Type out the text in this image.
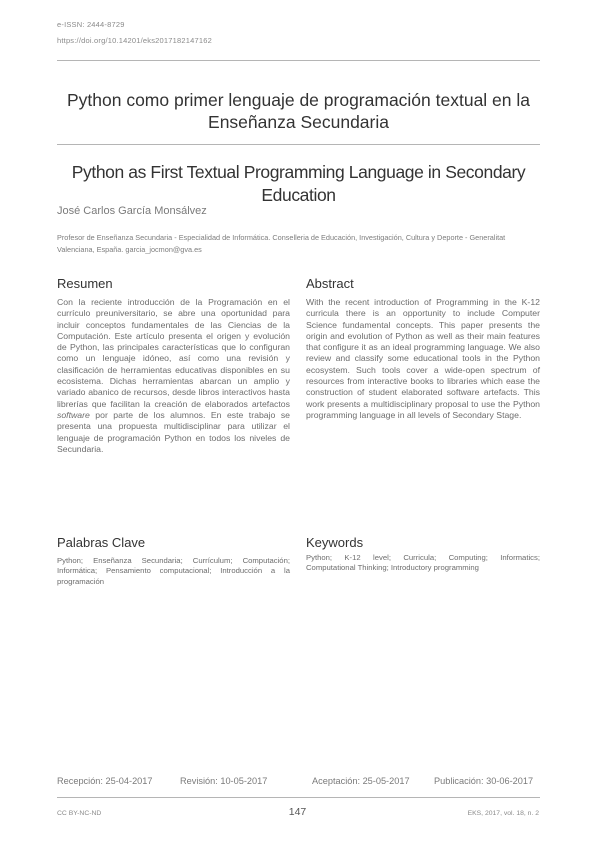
e-ISSN: 2444-8729
https://doi.org/10.14201/eks2017182147162
Python como primer lenguaje de programación textual en la Enseñanza Secundaria
Python as First Textual Programming Language in Secondary Education
José Carlos García Monsálvez
Profesor de Enseñanza Secundaria - Especialidad de Informática. Conselleria de Educación, Investigación, Cultura y Deporte - Generalitat Valenciana, España. garcia_jocmon@gva.es
Resumen
Con la reciente introducción de la Programación en el currículo preuniversitario, se abre una oportunidad para incluir conceptos fundamentales de las Ciencias de la Computación. Este artículo presenta el origen y evolución de Python, las principales características que lo configuran como un lenguaje idóneo, así como una revisión y clasificación de herramientas educativas disponibles en su ecosistema. Dichas herramientas abarcan un amplio y variado abanico de recursos, desde libros interactivos hasta librerías que facilitan la creación de elaborados artefactos software por parte de los alumnos. En este trabajo se presenta una propuesta multidisciplinar para utilizar el lenguaje de programación Python en todos los niveles de Secundaria.
Abstract
With the recent introduction of Programming in the K-12 curricula there is an opportunity to include Computer Science fundamental concepts. This paper presents the origin and evolution of Python as well as their main features that configure it as an ideal programming language. We also review and classify some educational tools in the Python ecosystem. Such tools cover a wide-open spectrum of resources from interactive books to libraries which ease the construction of student elaborated software artefacts. This work presents a multidisciplinary proposal to use the Python programming language in all levels of Secondary Stage.
Palabras Clave
Python; Enseñanza Secundaria; Currículum; Computación; Informática; Pensamiento computacional; Introducción a la programación
Keywords
Python; K-12 level; Curricula; Computing; Informatics; Computational Thinking; Introductory programming
Recepción: 25-04-2017	Revisión: 10-05-2017	Aceptación: 25-05-2017	Publicación: 30-06-2017
CC BY-NC-ND	147	EKS, 2017, vol. 18, n. 2
